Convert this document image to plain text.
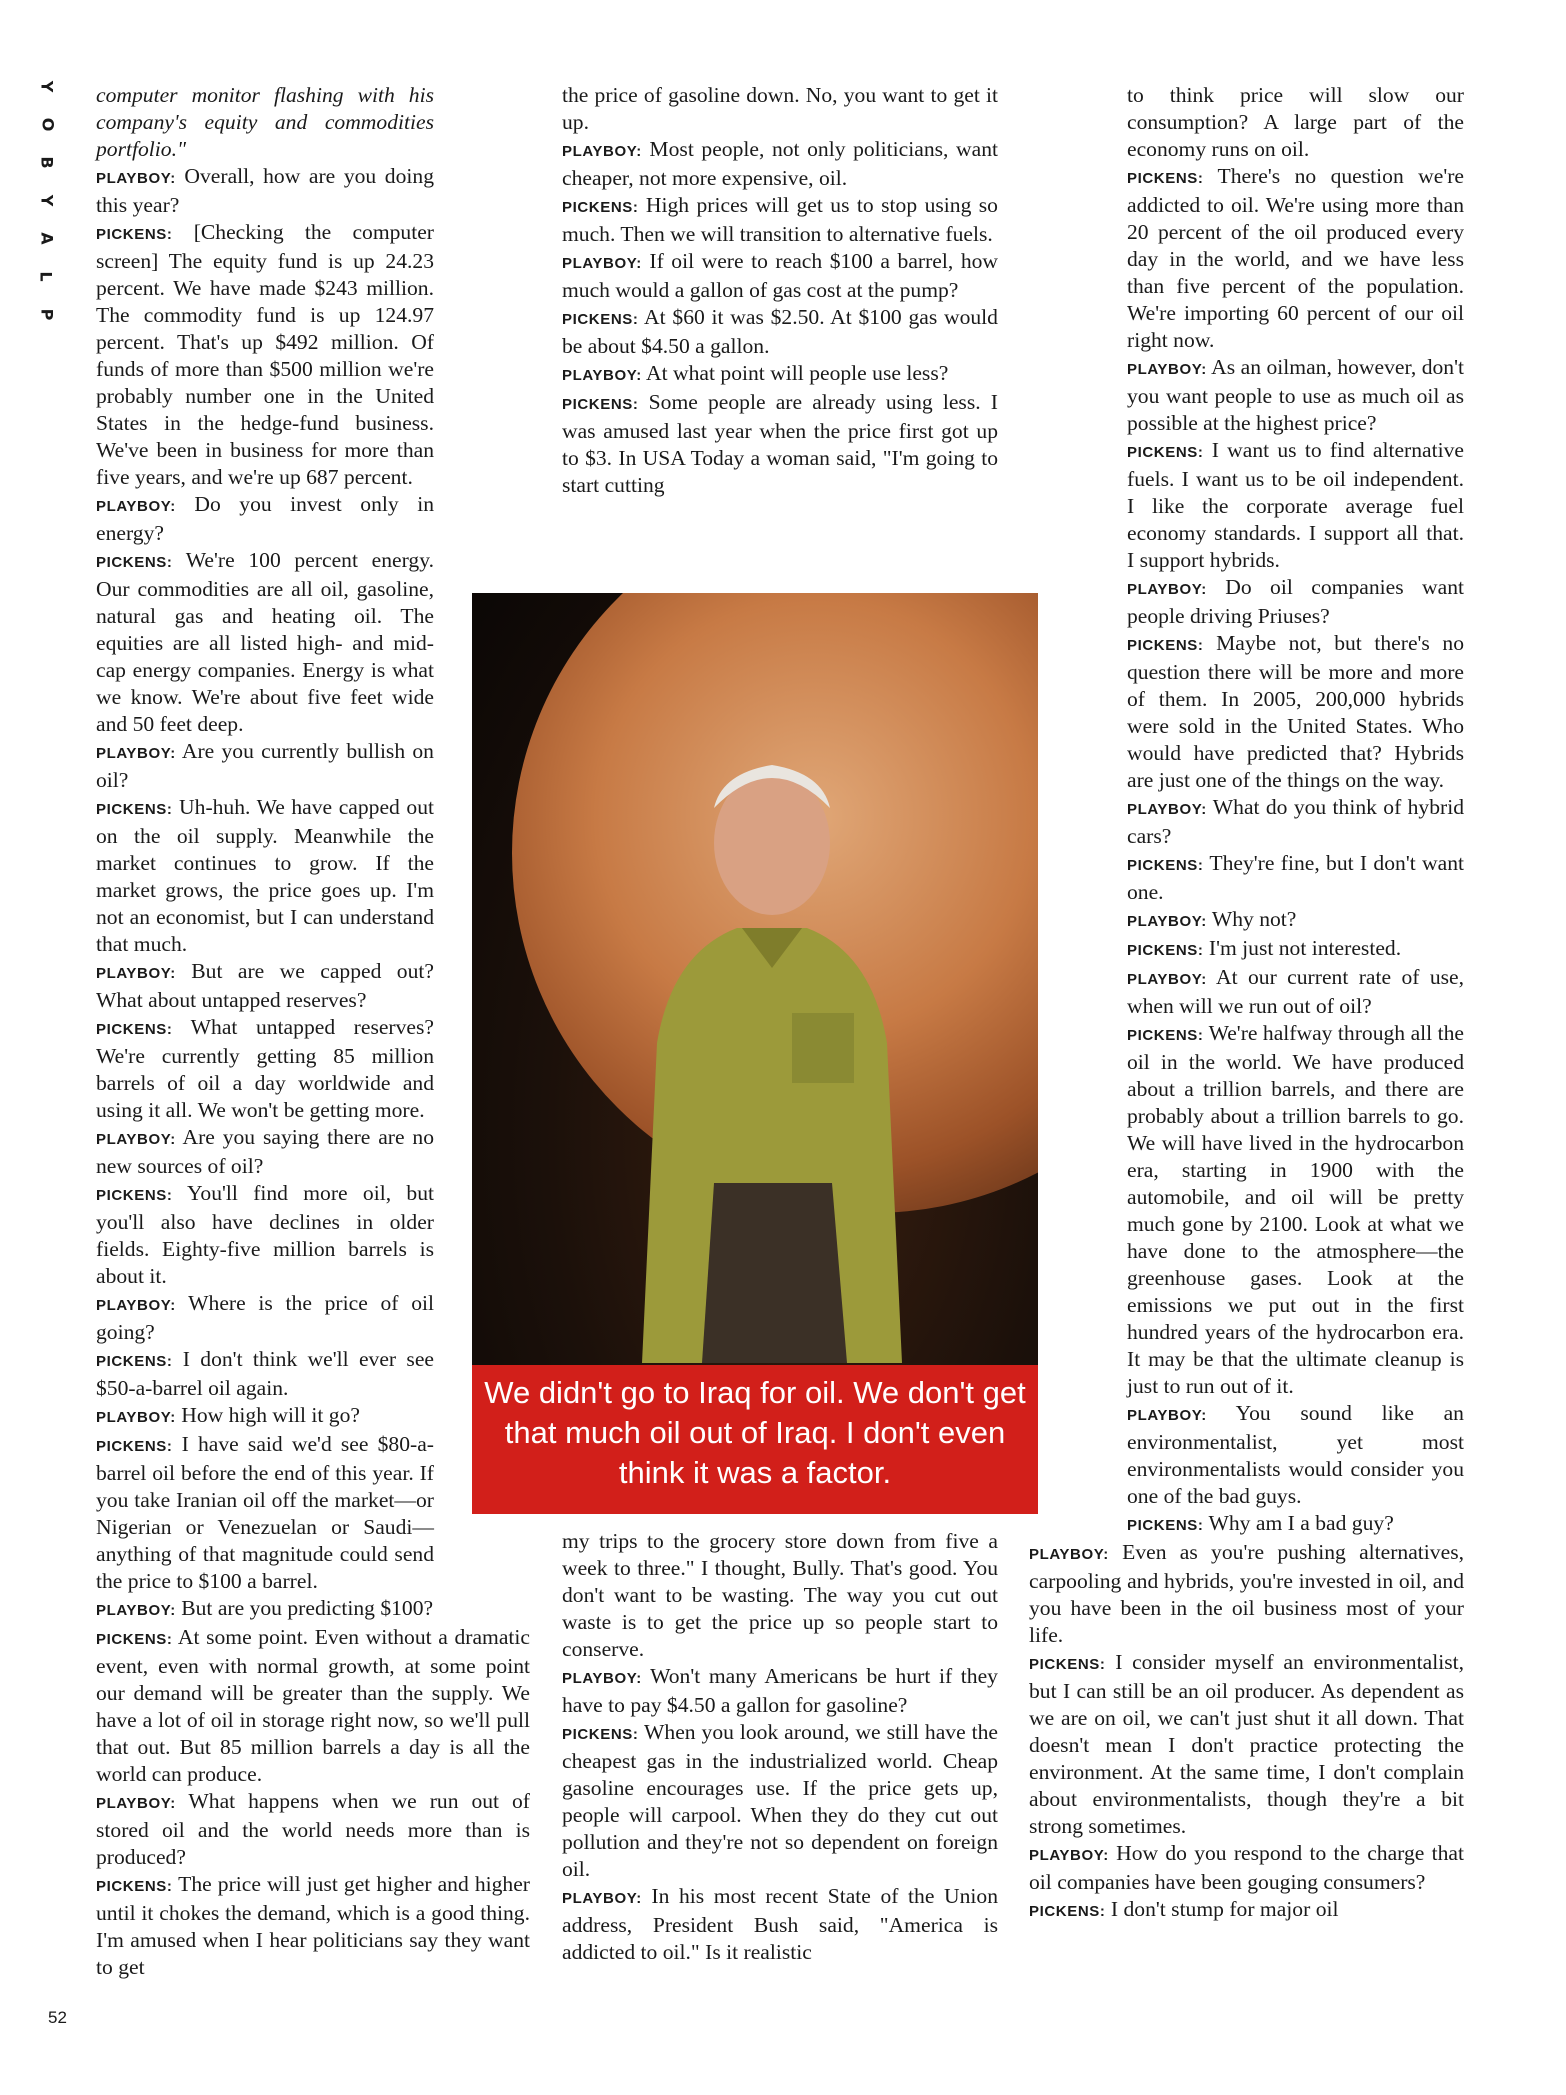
Y
O
B
Y
A
L
P

computer monitor flashing with his company's equity and commodities portfolio."

PLAYBOY: Overall, how are you doing this year?

PICKENS: [Checking the computer screen] The equity fund is up 24.23 percent. We have made $243 million. The commodity fund is up 124.97 percent. That's up $492 million. Of funds of more than $500 million we're probably number one in the United States in the hedge-fund business. We've been in business for more than five years, and we're up 687 percent.

PLAYBOY: Do you invest only in energy?

PICKENS: We're 100 percent energy. Our commodities are all oil, gasoline, natural gas and heating oil. The equities are all listed high- and mid-cap energy companies. Energy is what we know. We're about five feet wide and 50 feet deep.

PLAYBOY: Are you currently bullish on oil?

PICKENS: Uh-huh. We have capped out on the oil supply. Meanwhile the market continues to grow. If the market grows, the price goes up. I'm not an economist, but I can understand that much.

PLAYBOY: But are we capped out? What about untapped reserves?

PICKENS: What untapped reserves? We're currently getting 85 million barrels of oil a day worldwide and using it all. We won't be getting more.

PLAYBOY: Are you saying there are no new sources of oil?

PICKENS: You'll find more oil, but you'll also have declines in older fields. Eighty-five million barrels is about it.

PLAYBOY: Where is the price of oil going?

PICKENS: I don't think we'll ever see $50-a-barrel oil again.

PLAYBOY: How high will it go?

PICKENS: I have said we'd see $80-a-barrel oil before the end of this year. If you take Iranian oil off the market—or Nigerian or Venezuelan or Saudi—anything of that magnitude could send the price to $100 a barrel.

PLAYBOY: But are you predicting $100?

PICKENS: At some point. Even without a dramatic event, even with normal growth, at some point our demand will be greater than the supply. We have a lot of oil in storage right now, so we'll pull that out. But 85 million barrels a day is all the world can produce.

PLAYBOY: What happens when we run out of stored oil and the world needs more than is produced?

PICKENS: The price will just get higher and higher until it chokes the demand, which is a good thing. I'm amused when I hear politicians say they want to get

the price of gasoline down. No, you want to get it up.

PLAYBOY: Most people, not only politicians, want cheaper, not more expensive, oil.

PICKENS: High prices will get us to stop using so much. Then we will transition to alternative fuels.

PLAYBOY: If oil were to reach $100 a barrel, how much would a gallon of gas cost at the pump?

PICKENS: At $60 it was $2.50. At $100 gas would be about $4.50 a gallon.

PLAYBOY: At what point will people use less?

PICKENS: Some people are already using less. I was amused last year when the price first got up to $3. In USA Today a woman said, "I'm going to start cutting

my trips to the grocery store down from five a week to three." I thought, Bully. That's good. You don't want to be wasting. The way you cut out waste is to get the price up so people start to conserve.

PLAYBOY: Won't many Americans be hurt if they have to pay $4.50 a gallon for gasoline?

PICKENS: When you look around, we still have the cheapest gas in the industrialized world. Cheap gasoline encourages use. If the price gets up, people will carpool. When they do they cut out pollution and they're not so dependent on foreign oil.

PLAYBOY: In his most recent State of the Union address, President Bush said, "America is addicted to oil." Is it realistic

to think price will slow our consumption? A large part of the economy runs on oil.

PICKENS: There's no question we're addicted to oil. We're using more than 20 percent of the oil produced every day in the world, and we have less than five percent of the population. We're importing 60 percent of our oil right now.

PLAYBOY: As an oilman, however, don't you want people to use as much oil as possible at the highest price?

PICKENS: I want us to find alternative fuels. I want us to be oil independent. I like the corporate average fuel economy standards. I support all that. I support hybrids.

PLAYBOY: Do oil companies want people driving Priuses?

PICKENS: Maybe not, but there's no question there will be more and more of them. In 2005, 200,000 hybrids were sold in the United States. Who would have predicted that? Hybrids are just one of the things on the way.

PLAYBOY: What do you think of hybrid cars?

PICKENS: They're fine, but I don't want one.

PLAYBOY: Why not?

PICKENS: I'm just not interested.

PLAYBOY: At our current rate of use, when will we run out of oil?

PICKENS: We're halfway through all the oil in the world. We have produced about a trillion barrels, and there are probably about a trillion barrels to go. We will have lived in the hydrocarbon era, starting in 1900 with the automobile, and oil will be pretty much gone by 2100. Look at what we have done to the atmosphere—the greenhouse gases. Look at the emissions we put out in the first hundred years of the hydrocarbon era. It may be that the ultimate cleanup is just to run out of it.

PLAYBOY: You sound like an environmentalist, yet most environmentalists would consider you one of the bad guys.

PICKENS: Why am I a bad guy?

PLAYBOY: Even as you're pushing alternatives, carpooling and hybrids, you're invested in oil, and you have been in the oil business most of your life.

PICKENS: I consider myself an environmentalist, but I can still be an oil producer. As dependent as we are on oil, we can't just shut it all down. That doesn't mean I don't practice protecting the environment. At the same time, I don't complain about environmentalists, though they're a bit strong sometimes.

PLAYBOY: How do you respond to the charge that oil companies have been gouging consumers?

PICKENS: I don't stump for major oil

We didn't go to Iraq for oil. We don't get that much oil out of Iraq. I don't even think it was a factor.
52
